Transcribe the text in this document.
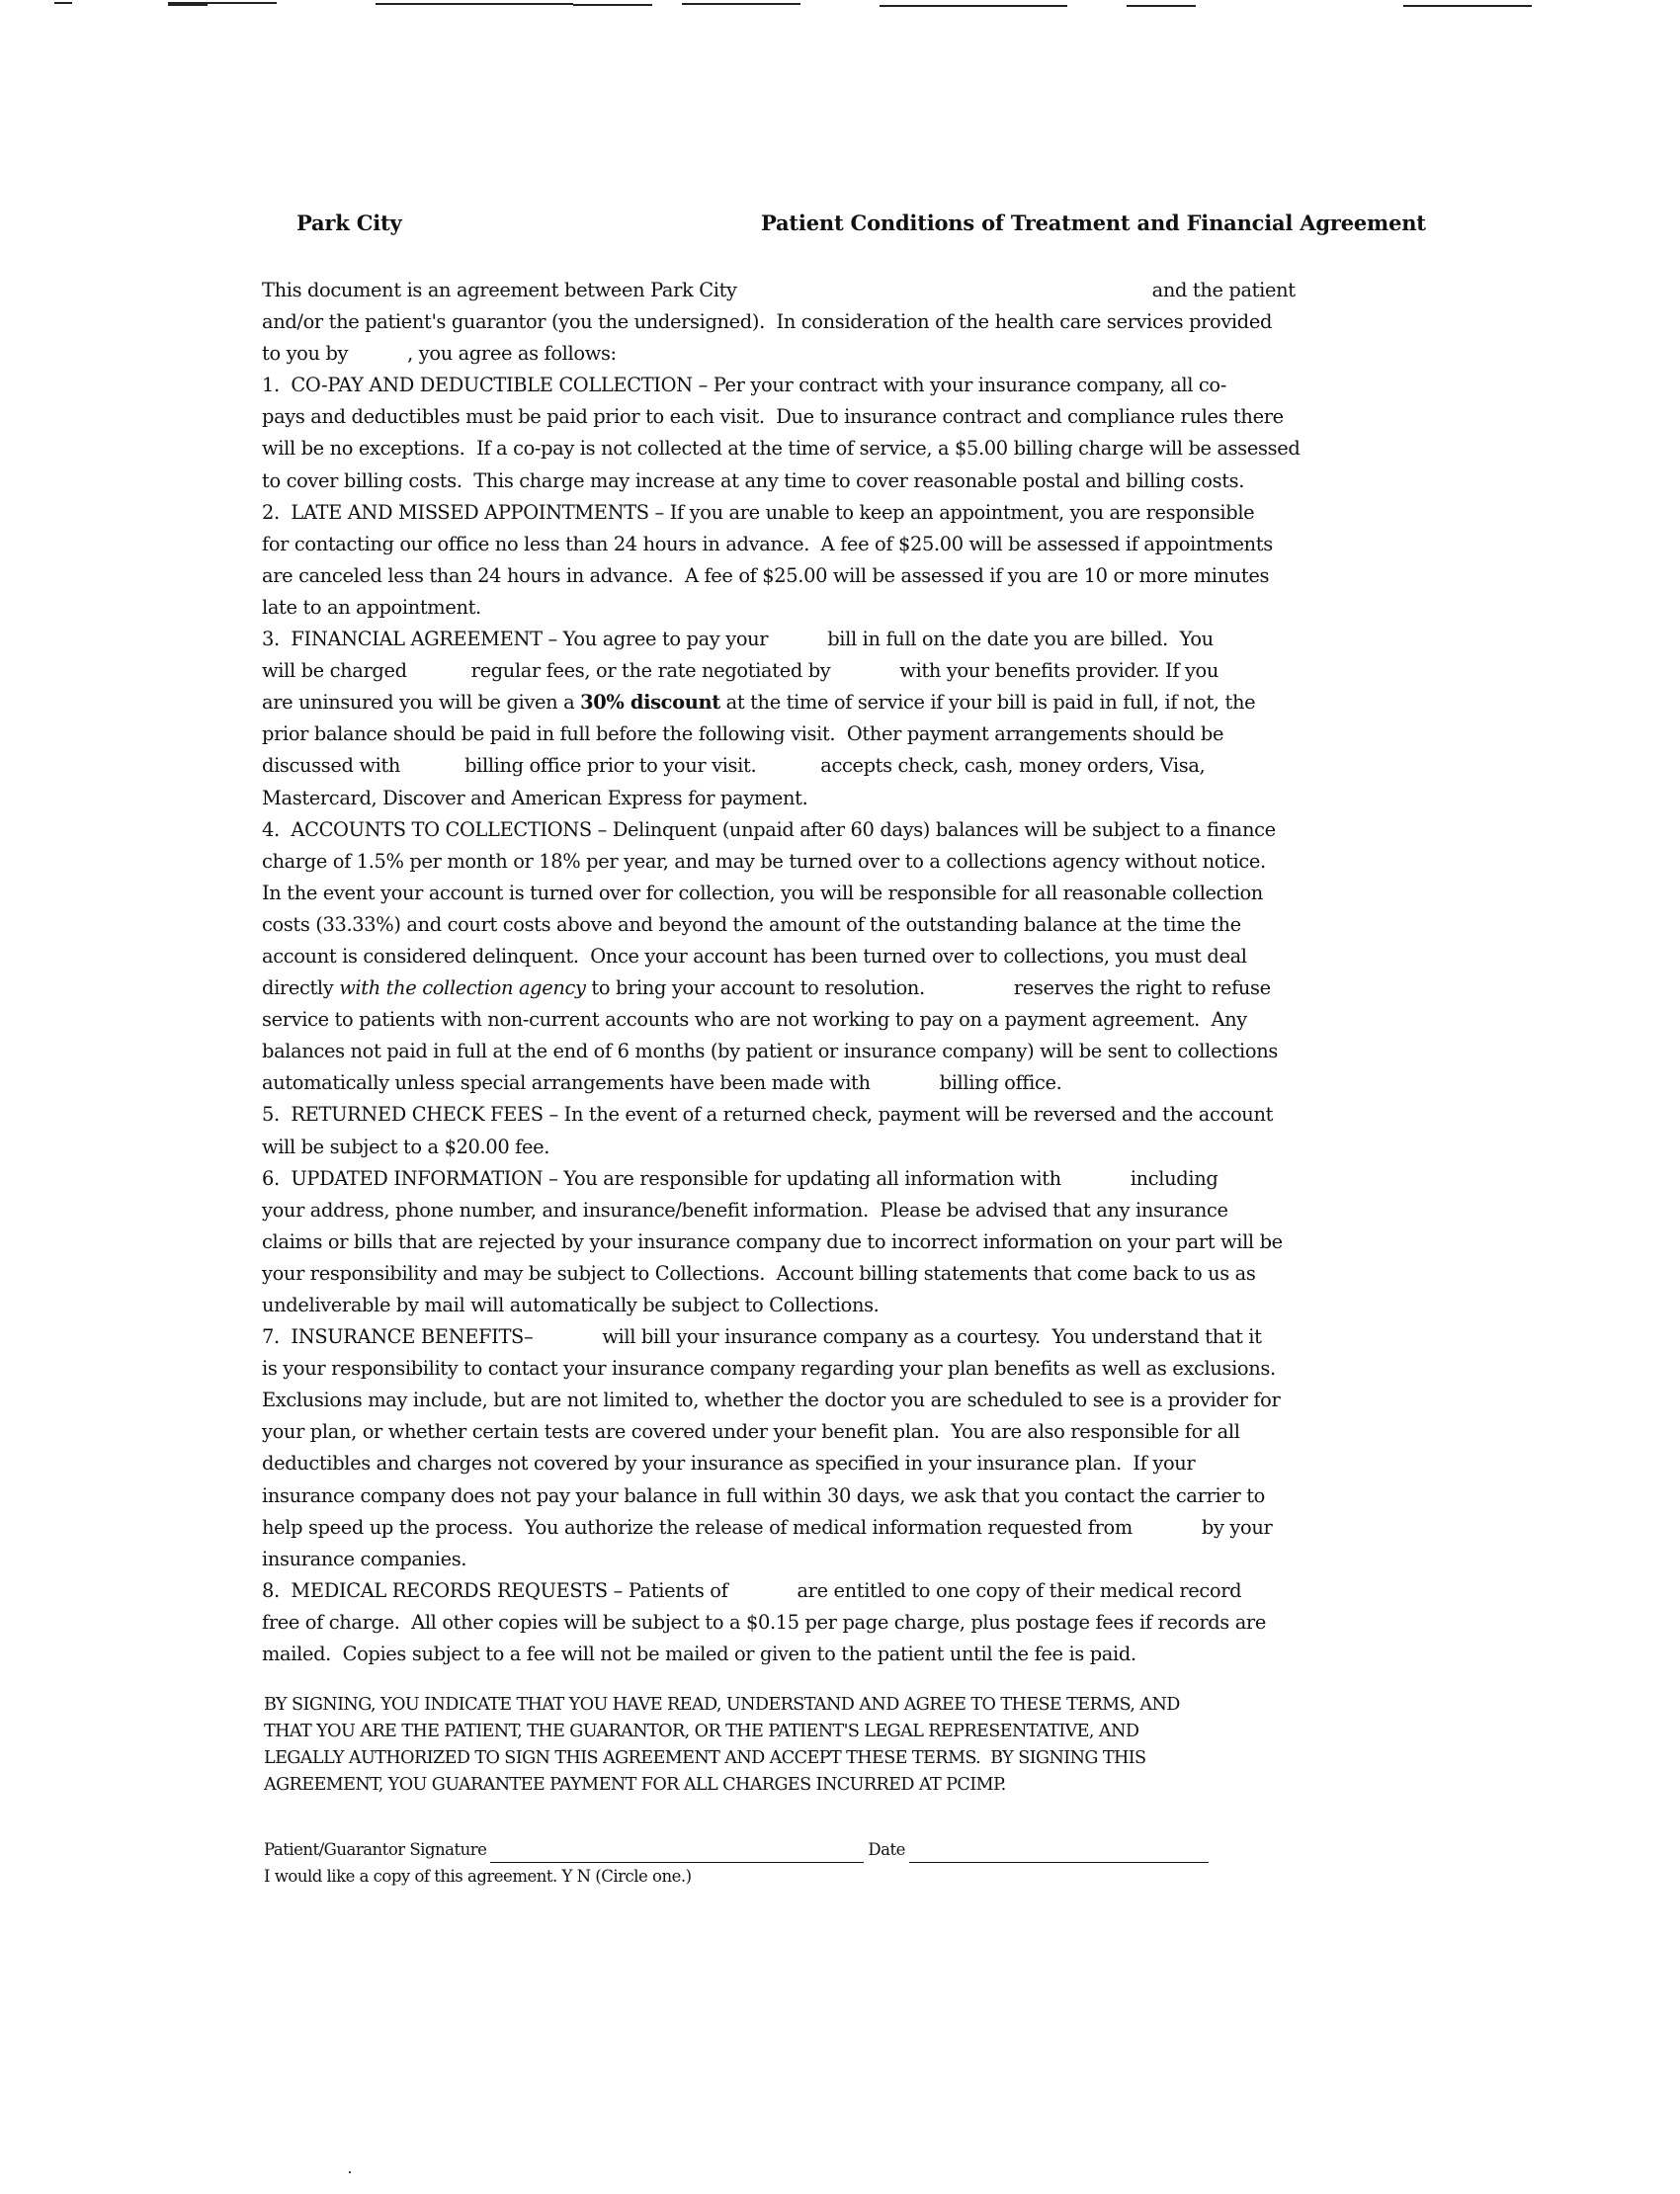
Park City	Patient Conditions of Treatment and Financial Agreement
This document is an agreement between Park City	and the patient
and/or the patient's guarantor (you the undersigned).  In consideration of the health care services provided
to you by	, you agree as follows:
1.  CO-PAY AND DEDUCTIBLE COLLECTION – Per your contract with your insurance company, all co-
pays and deductibles must be paid prior to each visit.  Due to insurance contract and compliance rules there
will be no exceptions.  If a co-pay is not collected at the time of service, a $5.00 billing charge will be assessed
to cover billing costs.  This charge may increase at any time to cover reasonable postal and billing costs.
2.  LATE AND MISSED APPOINTMENTS – If you are unable to keep an appointment, you are responsible
for contacting our office no less than 24 hours in advance.  A fee of $25.00 will be assessed if appointments
are canceled less than 24 hours in advance.  A fee of $25.00 will be assessed if you are 10 or more minutes
late to an appointment.
3.  FINANCIAL AGREEMENT – You agree to pay your	bill in full on the date you are billed.  You
will be charged	regular fees, or the rate negotiated by	with your benefits provider. If you
are uninsured you will be given a 30% discount at the time of service if your bill is paid in full, if not, the
prior balance should be paid in full before the following visit.  Other payment arrangements should be
discussed with	billing office prior to your visit.	accepts check, cash, money orders, Visa,
Mastercard, Discover and American Express for payment.
4.  ACCOUNTS TO COLLECTIONS – Delinquent (unpaid after 60 days) balances will be subject to a finance
charge of 1.5% per month or 18% per year, and may be turned over to a collections agency without notice.
In the event your account is turned over for collection, you will be responsible for all reasonable collection
costs (33.33%) and court costs above and beyond the amount of the outstanding balance at the time the
account is considered delinquent.  Once your account has been turned over to collections, you must deal
directly with the collection agency to bring your account to resolution.	reserves the right to refuse
service to patients with non-current accounts who are not working to pay on a payment agreement.  Any
balances not paid in full at the end of 6 months (by patient or insurance company) will be sent to collections
automatically unless special arrangements have been made with	billing office.
5.  RETURNED CHECK FEES – In the event of a returned check, payment will be reversed and the account
will be subject to a $20.00 fee.
6.  UPDATED INFORMATION – You are responsible for updating all information with	including
your address, phone number, and insurance/benefit information.  Please be advised that any insurance
claims or bills that are rejected by your insurance company due to incorrect information on your part will be
your responsibility and may be subject to Collections.  Account billing statements that come back to us as
undeliverable by mail will automatically be subject to Collections.
7.  INSURANCE BENEFITS–	will bill your insurance company as a courtesy.  You understand that it
is your responsibility to contact your insurance company regarding your plan benefits as well as exclusions.
Exclusions may include, but are not limited to, whether the doctor you are scheduled to see is a provider for
your plan, or whether certain tests are covered under your benefit plan.  You are also responsible for all
deductibles and charges not covered by your insurance as specified in your insurance plan.  If your
insurance company does not pay your balance in full within 30 days, we ask that you contact the carrier to
help speed up the process.  You authorize the release of medical information requested from	by your
insurance companies.
8.  MEDICAL RECORDS REQUESTS – Patients of	are entitled to one copy of their medical record
free of charge.  All other copies will be subject to a $0.15 per page charge, plus postage fees if records are
mailed.  Copies subject to a fee will not be mailed or given to the patient until the fee is paid.
BY SIGNING, YOU INDICATE THAT YOU HAVE READ, UNDERSTAND AND AGREE TO THESE TERMS, AND
THAT YOU ARE THE PATIENT, THE GUARANTOR, OR THE PATIENT'S LEGAL REPRESENTATIVE, AND
LEGALLY AUTHORIZED TO SIGN THIS AGREEMENT AND ACCEPT THESE TERMS.  BY SIGNING THIS
AGREEMENT, YOU GUARANTEE PAYMENT FOR ALL CHARGES INCURRED AT PCIMP.
Patient/Guarantor Signature	Date
I would like a copy of this agreement. Y N (Circle one.)
